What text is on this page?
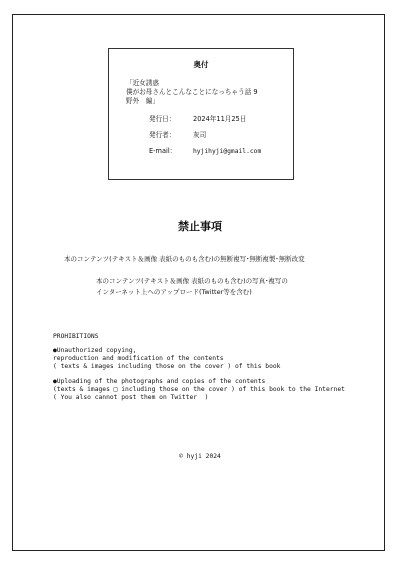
奥付
「近女誘惑
僕がお母さんとこんなことになっちゃう話 9
野外　編」
発行日：	2024年11月25日
発行者：	灰司
E-mail：	hyjihyji@gmail.com
禁止事項
本のコンテンツ(テキスト＆画像 表紙のものも含む)の無断複写･無断複製･無断改変
本のコンテンツ(テキスト＆画像 表紙のものも含む)の写真･複写の
インターネット上へのアップロード(Twitter等を含む)
PROHIBITIONS
●Unauthorized copying,
reproduction and modification of the contents
( texts & images including those on the cover ) of this book
●Uploading of the photographs and copies of the contents
(texts & images □ including those on the cover ) of this book to the Internet
( You also cannot post them on Twitter  )
© hyji 2024
